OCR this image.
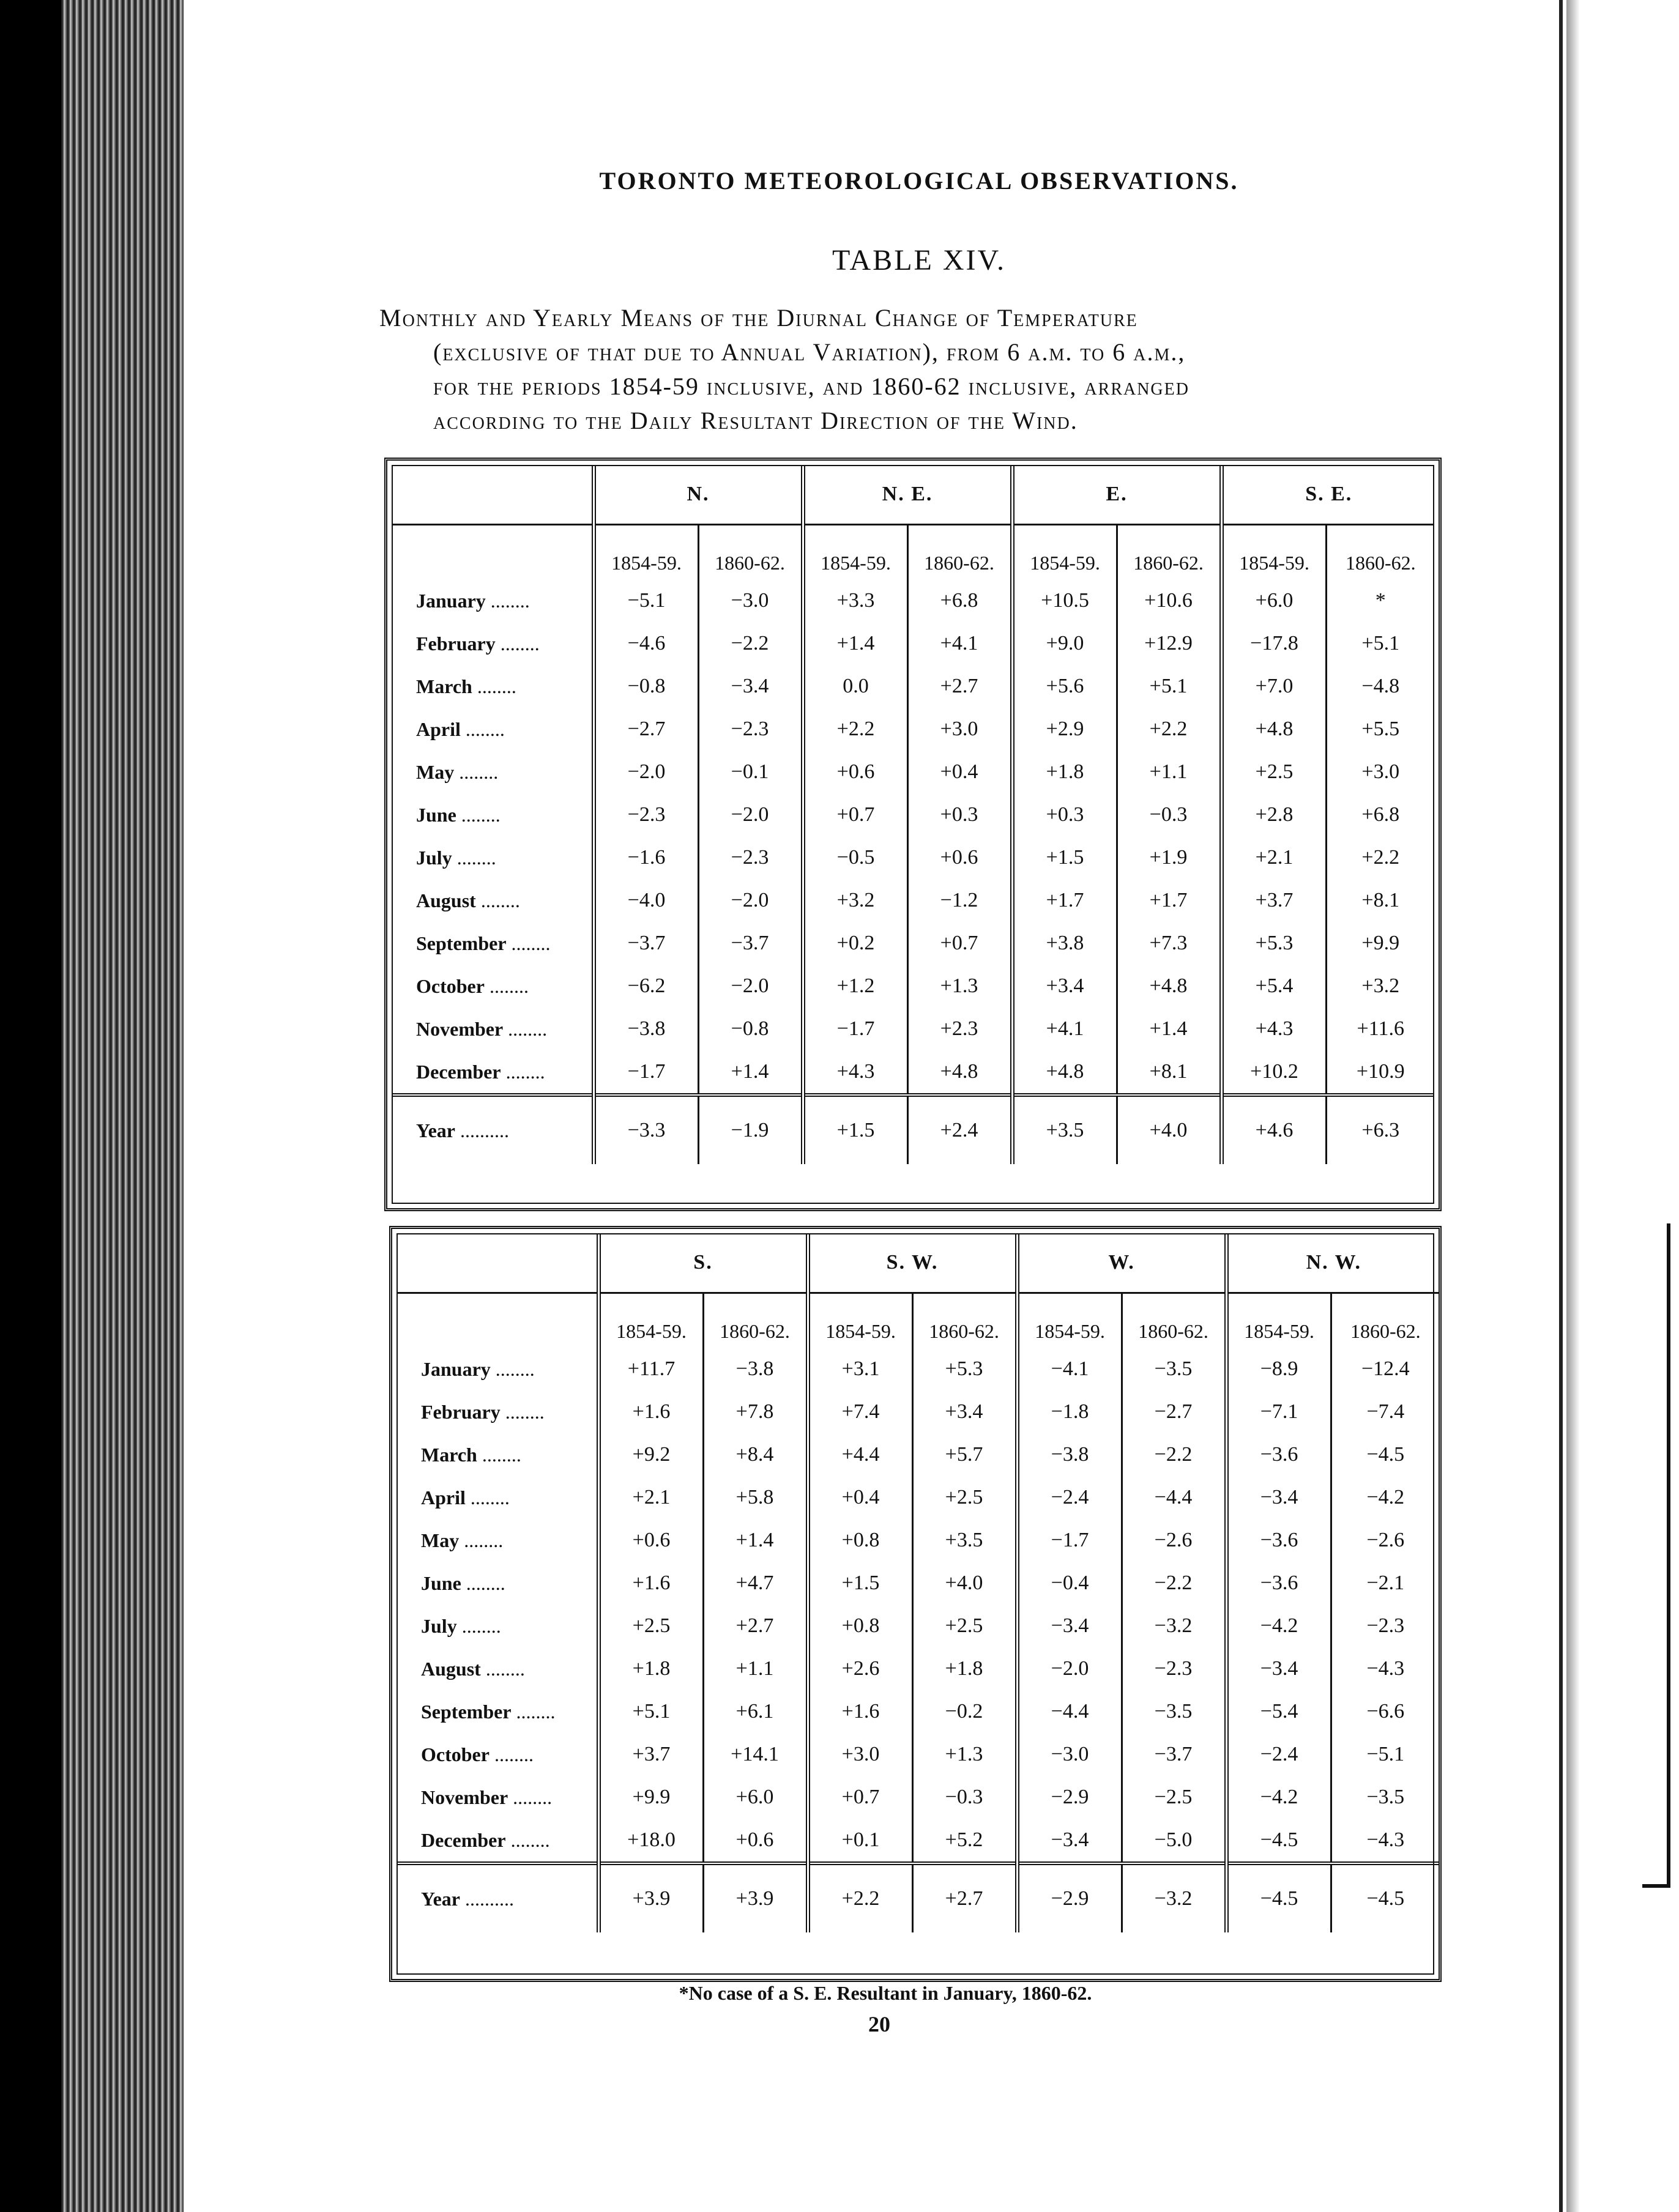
TORONTO METEOROLOGICAL OBSERVATIONS.
TABLE XIV.
Monthly and Yearly Means of the Diurnal Change of Temperature
(exclusive of that due to Annual Variation), from 6 a.m. to 6 a.m.,
for the periods 1854-59 inclusive, and 1860-62 inclusive, arranged
according to the Daily Resultant Direction of the Wind.
	N.		N. E.		E.		S. E.	
	1854-59.	1860-62.	1854-59.	1860-62.	1854-59.	1860-62.	1854-59.	1860-62.
January ........	−5.1	−3.0	+3.3	+6.8	+10.5	+10.6	+6.0	*
February ........	−4.6	−2.2	+1.4	+4.1	+9.0	+12.9	−17.8	+5.1
March ........	−0.8	−3.4	0.0	+2.7	+5.6	+5.1	+7.0	−4.8
April ........	−2.7	−2.3	+2.2	+3.0	+2.9	+2.2	+4.8	+5.5
May ........	−2.0	−0.1	+0.6	+0.4	+1.8	+1.1	+2.5	+3.0
June ........	−2.3	−2.0	+0.7	+0.3	+0.3	−0.3	+2.8	+6.8
July ........	−1.6	−2.3	−0.5	+0.6	+1.5	+1.9	+2.1	+2.2
August ........	−4.0	−2.0	+3.2	−1.2	+1.7	+1.7	+3.7	+8.1
September ........	−3.7	−3.7	+0.2	+0.7	+3.8	+7.3	+5.3	+9.9
October ........	−6.2	−2.0	+1.2	+1.3	+3.4	+4.8	+5.4	+3.2
November ........	−3.8	−0.8	−1.7	+2.3	+4.1	+1.4	+4.3	+11.6
December ........	−1.7	+1.4	+4.3	+4.8	+4.8	+8.1	+10.2	+10.9
Year ..........	−3.3	−1.9	+1.5	+2.4	+3.5	+4.0	+4.6	+6.3
	S.		S. W.		W.		N. W.	
	1854-59.	1860-62.	1854-59.	1860-62.	1854-59.	1860-62.	1854-59.	1860-62.
January ........	+11.7	−3.8	+3.1	+5.3	−4.1	−3.5	−8.9	−12.4
February ........	+1.6	+7.8	+7.4	+3.4	−1.8	−2.7	−7.1	−7.4
March ........	+9.2	+8.4	+4.4	+5.7	−3.8	−2.2	−3.6	−4.5
April ........	+2.1	+5.8	+0.4	+2.5	−2.4	−4.4	−3.4	−4.2
May ........	+0.6	+1.4	+0.8	+3.5	−1.7	−2.6	−3.6	−2.6
June ........	+1.6	+4.7	+1.5	+4.0	−0.4	−2.2	−3.6	−2.1
July ........	+2.5	+2.7	+0.8	+2.5	−3.4	−3.2	−4.2	−2.3
August ........	+1.8	+1.1	+2.6	+1.8	−2.0	−2.3	−3.4	−4.3
September ........	+5.1	+6.1	+1.6	−0.2	−4.4	−3.5	−5.4	−6.6
October ........	+3.7	+14.1	+3.0	+1.3	−3.0	−3.7	−2.4	−5.1
November ........	+9.9	+6.0	+0.7	−0.3	−2.9	−2.5	−4.2	−3.5
December ........	+18.0	+0.6	+0.1	+5.2	−3.4	−5.0	−4.5	−4.3
Year ..........	+3.9	+3.9	+2.2	+2.7	−2.9	−3.2	−4.5	−4.5
*No case of a S. E. Resultant in January, 1860-62.
20
